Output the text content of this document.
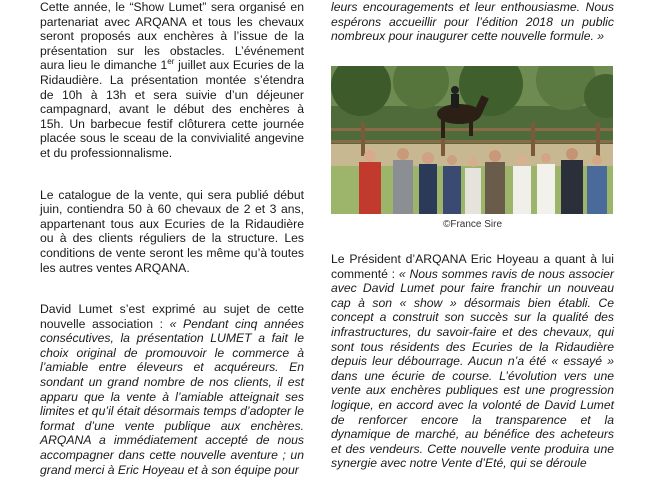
Cette année, le “Show Lumet” sera organisé en partenariat avec ARQANA et tous les chevaux seront proposés aux enchères à l’issue de la présentation sur les obstacles. L’événement aura lieu le dimanche 1er juillet aux Ecuries de la Ridaudière. La présentation montée s’étendra de 10h à 13h et sera suivie d’un déjeuner campagnard, avant le début des enchères à 15h. Un barbecue festif clôturera cette journée placée sous le sceau de la convivialité angevine et du professionnalisme.

Le catalogue de la vente, qui sera publié début juin, contiendra 50 à 60 chevaux de 2 et 3 ans, appartenant tous aux Ecuries de la Ridaudière ou à des clients réguliers de la structure. Les conditions de vente seront les même qu’à toutes les autres ventes ARQANA.

David Lumet s’est exprimé au sujet de cette nouvelle association : « Pendant cinq années consécutives, la présentation LUMET a fait le choix original de promouvoir le commerce à l’amiable entre éleveurs et acquéreurs. En sondant un grand nombre de nos clients, il est apparu que la vente à l’amiable atteignait ses limites et qu’il était désormais temps d’adopter le format d’une vente publique aux enchères. ARQANA a immédiatement accepté de nous accompagner dans cette nouvelle aventure ; un grand merci à Eric Hoyeau et à son équipe pour

leurs encouragements et leur enthousiasme. Nous espérons accueillir pour l’édition 2018 un public nombreux pour inaugurer cette nouvelle formule. »

©France Sire

Le Président d’ARQANA Eric Hoyeau a quant à lui commenté : « Nous sommes ravis de nous associer avec David Lumet pour faire franchir un nouveau cap à son « show » désormais bien établi. Ce concept a construit son succès sur la qualité des infrastructures, du savoir-faire et des chevaux, qui sont tous résidents des Ecuries de la Ridaudière depuis leur débourrage. Aucun n’a été « essayé » dans une écurie de course. L’évolution vers une vente aux enchères publiques est une progression logique, en accord avec la volonté de David Lumet de renforcer encore la transparence et la dynamique de marché, au bénéfice des acheteurs et des vendeurs. Cette nouvelle vente produira une synergie avec notre Vente d’Eté, qui se déroule
